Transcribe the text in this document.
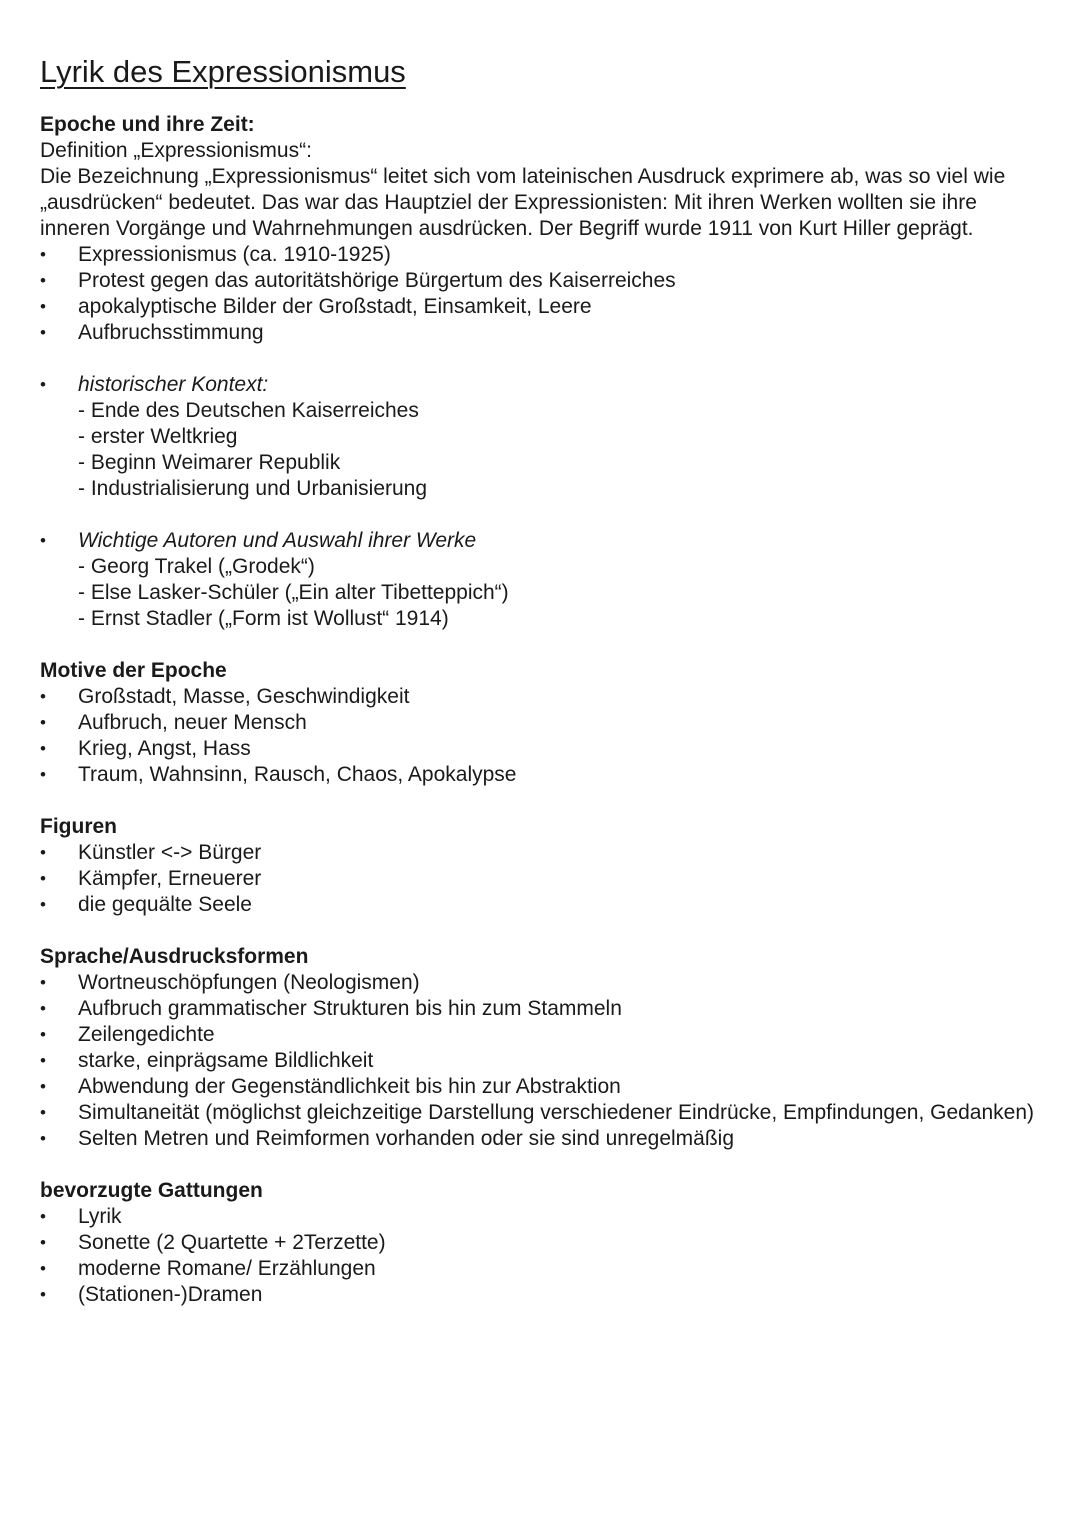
Lyrik des Expressionismus

Epoche und ihre Zeit:

Definition „Expressionismus“:

Die Bezeichnung „Expressionismus“ leitet sich vom lateinischen Ausdruck exprimere ab, was so viel wie „ausdrücken“ bedeutet. Das war das Hauptziel der Expressionisten: Mit ihren Werken wollten sie ihre inneren Vorgänge und Wahrnehmungen ausdrücken. Der Begriff wurde 1911 von Kurt Hiller geprägt.

• Expressionismus (ca. 1910-1925)
• Protest gegen das autoritätshörige Bürgertum des Kaiserreiches
• apokalyptische Bilder der Großstadt, Einsamkeit, Leere
• Aufbruchsstimmung
• historischer Kontext:
- Ende des Deutschen Kaiserreiches
- erster Weltkrieg
- Beginn Weimarer Republik
- Industrialisierung und Urbanisierung
• Wichtige Autoren und Auswahl ihrer Werke
- Georg Trakel („Grodek“)
- Else Lasker-Schüler („Ein alter Tibetteppich“)
- Ernst Stadler („Form ist Wollust“ 1914)

Motive der Epoche

• Großstadt, Masse, Geschwindigkeit
• Aufbruch, neuer Mensch
• Krieg, Angst, Hass
• Traum, Wahnsinn, Rausch, Chaos, Apokalypse

Figuren

• Künstler <-> Bürger
• Kämpfer, Erneuerer
• die gequälte Seele

Sprache/Ausdrucksformen

• Wortneuschöpfungen (Neologismen)
• Aufbruch grammatischer Strukturen bis hin zum Stammeln
• Zeilengedichte
• starke, einprägsame Bildlichkeit
• Abwendung der Gegenständlichkeit bis hin zur Abstraktion
• Simultaneität (möglichst gleichzeitige Darstellung verschiedener Eindrücke, Empfindungen, Gedanken)
• Selten Metren und Reimformen vorhanden oder sie sind unregelmäßig

bevorzugte Gattungen

• Lyrik
• Sonette (2 Quartette + 2Terzette)
• moderne Romane/ Erzählungen
• (Stationen-)Dramen
